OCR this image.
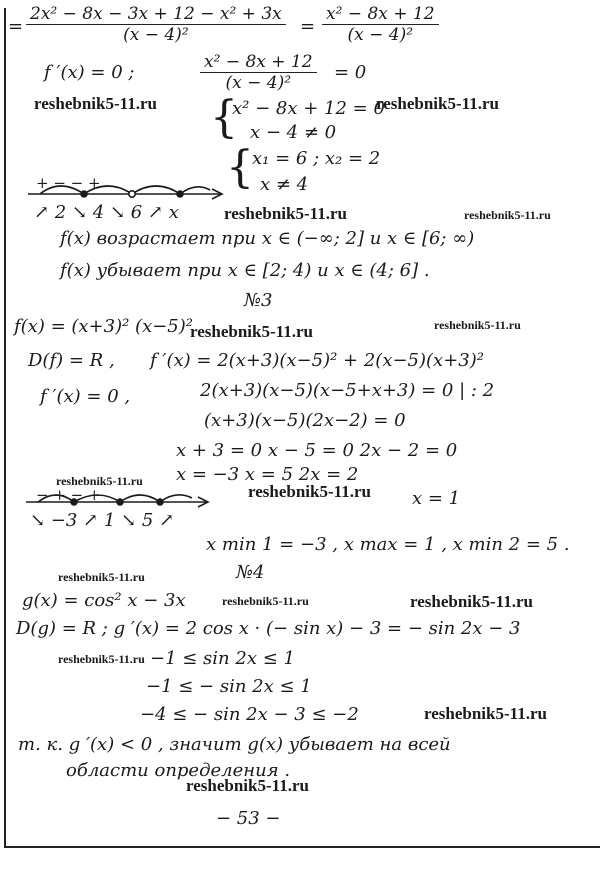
= $\frac{\text{2x² − 8x − 3x + 12 − x² + 3x}}{\text{(x − 4)²}} = \frac{\text{x² − 8x + 12}}{\text{(x − 4)²}}$
f ′(x) = 0 ;	$\frac{\text{x² − 8x + 12}}{\text{(x − 4)²}} = 0$
{
x² − 8x + 12 = 0
x − 4 ≠ 0
{
x₁ = 6 ; x₂ = 2
x ≠ 4
+ − − +
↗ 2 ↘ 4 ↘ 6 ↗ x
f(x) возрастает при x ∈ (−∞; 2] и x ∈ [6; ∞)
f(x) убывает при x ∈ [2; 4) и x ∈ (4; 6] .
№3
f(x) = (x+3)² (x−5)²
D(f) = R , f ′(x) = 2(x+3)(x−5)² + 2(x−5)(x+3)²
f ′(x) = 0 ,	2(x+3)(x−5)(x−5+x+3) = 0 | : 2
(x+3)(x−5)(2x−2) = 0
x + 3 = 0 x − 5 = 0 2x − 2 = 0
x = −3 x = 5 2x = 2
x = 1
− + − +
↘ −3 ↗ 1 ↘ 5 ↗
x min 1 = −3 , x max = 1 , x min 2 = 5 .
№4
g(x) = cos² x − 3x
D(g) = R ; g ′(x) = 2 cos x · (− sin x) − 3 = − sin 2x − 3
−1 ≤ sin 2x ≤ 1
−1 ≤ − sin 2x ≤ 1
−4 ≤ − sin 2x − 3 ≤ −2
т. к. g ′(x) < 0 , значит g(x) убывает на всей
области определения .
− 53 −
reshebnik5-11.ru	reshebnik5-11.ru
reshebnik5-11.ru	reshebnik5-11.ru
reshebnik5-11.ru	reshebnik5-11.ru
reshebnik5-11.ru
reshebnik5-11.ru
reshebnik5-11.ru
reshebnik5-11.ru	reshebnik5-11.ru
reshebnik5-11.ru
reshebnik5-11.ru
reshebnik5-11.ru
